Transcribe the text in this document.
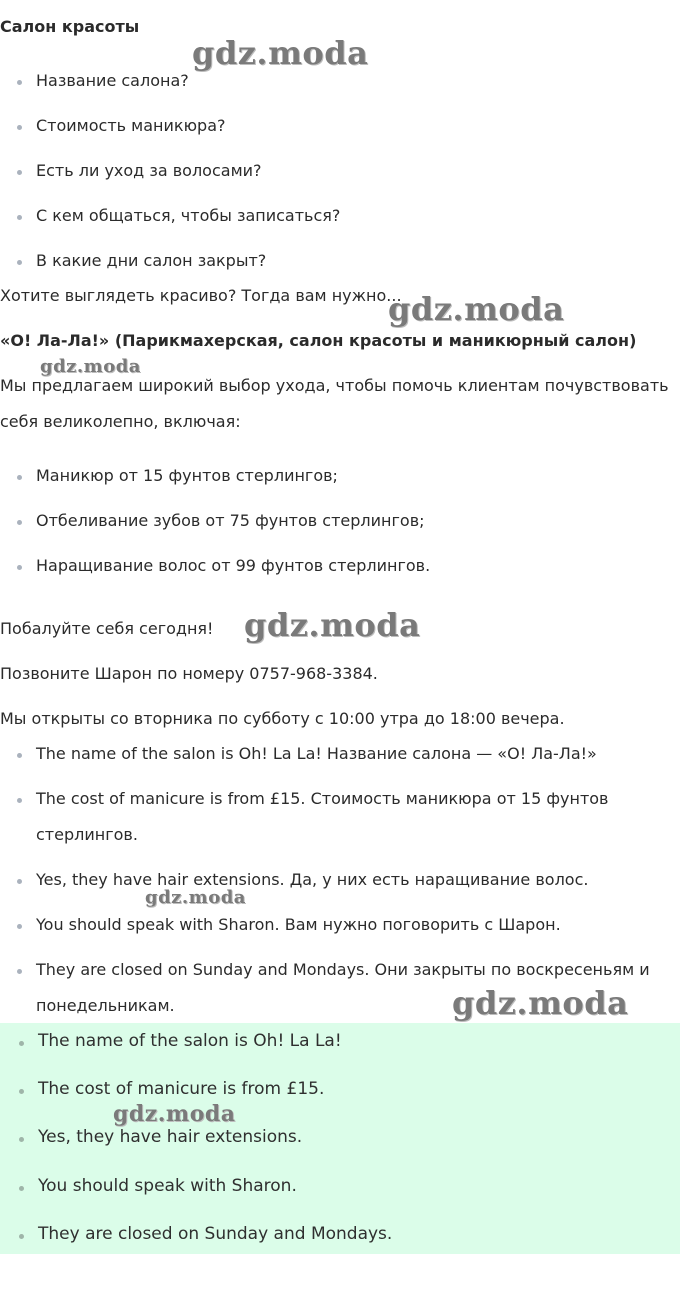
Салон красоты

Название салона?
Стоимость маникюра?
Есть ли уход за волосами?
С кем общаться, чтобы записаться?
В какие дни салон закрыт?

Хотите выглядеть красиво? Тогда вам нужно...

«О! Ла-Ла!» (Парикмахерская, салон красоты и маникюрный салон)

Мы предлагаем широкий выбор ухода, чтобы помочь клиентам почувствовать

себя великолепно, включая:

Маникюр от 15 фунтов стерлингов;
Отбеливание зубов от 75 фунтов стерлингов;
Наращивание волос от 99 фунтов стерлингов.

Побалуйте себя сегодня!

Позвоните Шарон по номеру 0757-968-3384.

Мы открыты со вторника по субботу с 10:00 утра до 18:00 вечера.

The name of the salon is Oh! La La! Название салона — «О! Ла-Ла!»
The cost of manicure is from £15. Стоимость маникюра от 15 фунтов
стерлингов.
Yes, they have hair extensions. Да, у них есть наращивание волос.
You should speak with Sharon. Вам нужно поговорить с Шарон.
They are closed on Sunday and Mondays. Они закрыты по воскресеньям и
понедельникам.
The name of the salon is Oh! La La!
The cost of manicure is from £15.
Yes, they have hair extensions.
You should speak with Sharon.
They are closed on Sunday and Mondays.
gdz.moda
gdz.moda
gdz.moda
gdz.moda
gdz.moda
gdz.moda
gdz.moda
